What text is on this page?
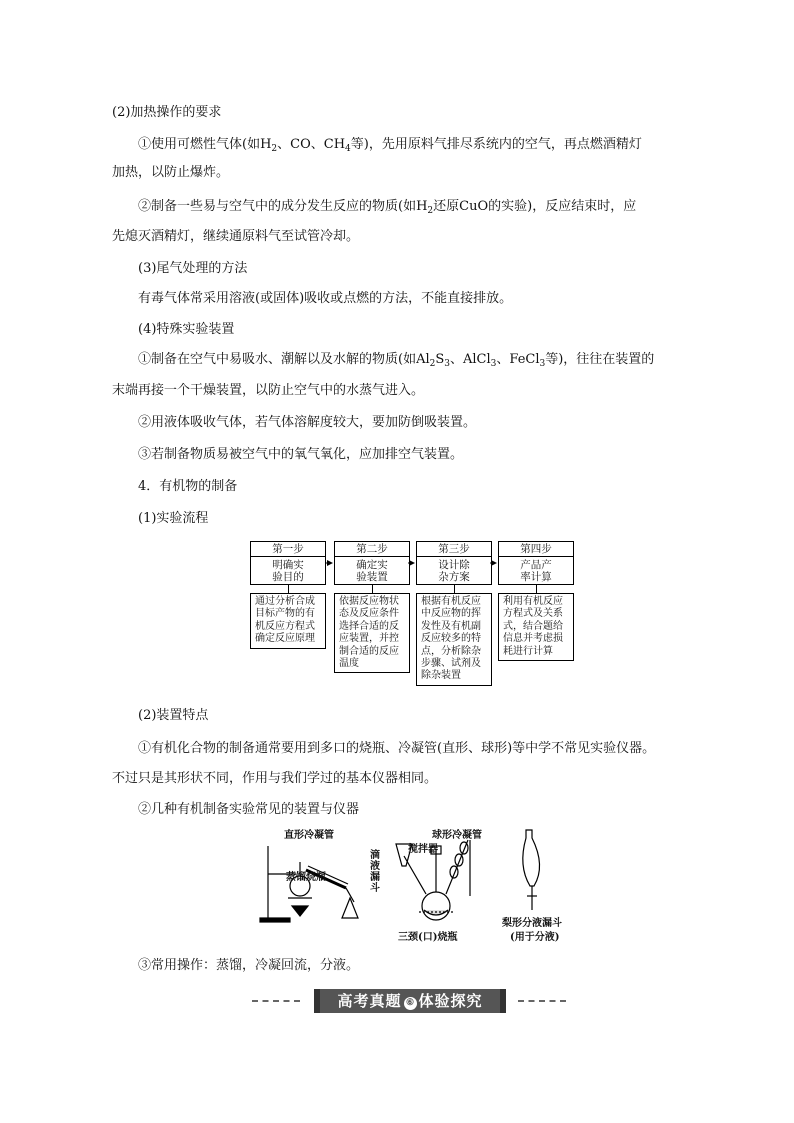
(2)加热操作的要求
①使用可燃性气体(如$H_2$、CO、$CH_4$等)，先用原料气排尽系统内的空气，再点燃酒精灯
加热，以防止爆炸。
②制备一些易与空气中的成分发生反应的物质(如$H_2$还原CuO的实验)，反应结束时，应
先熄灭酒精灯，继续通原料气至试管冷却。
(3)尾气处理的方法
有毒气体常采用溶液(或固体)吸收或点燃的方法，不能直接排放。
(4)特殊实验装置
①制备在空气中易吸水、潮解以及水解的物质(如$Al_2S_3$、AlCl$_3$、FeCl$_3$等)，往往在装置的
末端再接一个干燥装置，以防止空气中的水蒸气进入。
②用液体吸收气体，若气体溶解度较大，要加防倒吸装置。
③若制备物质易被空气中的氧气氧化，应加排空气装置。
4．有机物的制备
(1)实验流程
第一步
明确实
验目的
第二步
确定实
验装置
第三步
设计除
杂方案
第四步
产品产
率计算
通过分析合成目标产物的有机反应方程式确定反应原理
依据反应物状态及反应条件选择合适的反应装置，并控制合适的反应温度
根据有机反应中反应物的挥发性及有机副反应较多的特点，分析除杂步骤、试剂及除杂装置
利用有机反应方程式及关系式，结合题给信息并考虑损耗进行计算
(2)装置特点
①有机化合物的制备通常要用到多口的烧瓶、冷凝管(直形、球形)等中学不常见实验仪器。
不过只是其形状不同，作用与我们学过的基本仪器相同。
②几种有机制备实验常见的装置与仪器
直形冷凝管
蒸馏烧瓶
球形冷凝管
搅拌器
滴液漏斗
三颈(口)烧瓶
梨形分液漏斗
(用于分液)
③常用操作：蒸馏，冷凝回流，分液。
高考真题 ⑥ 体验探究
